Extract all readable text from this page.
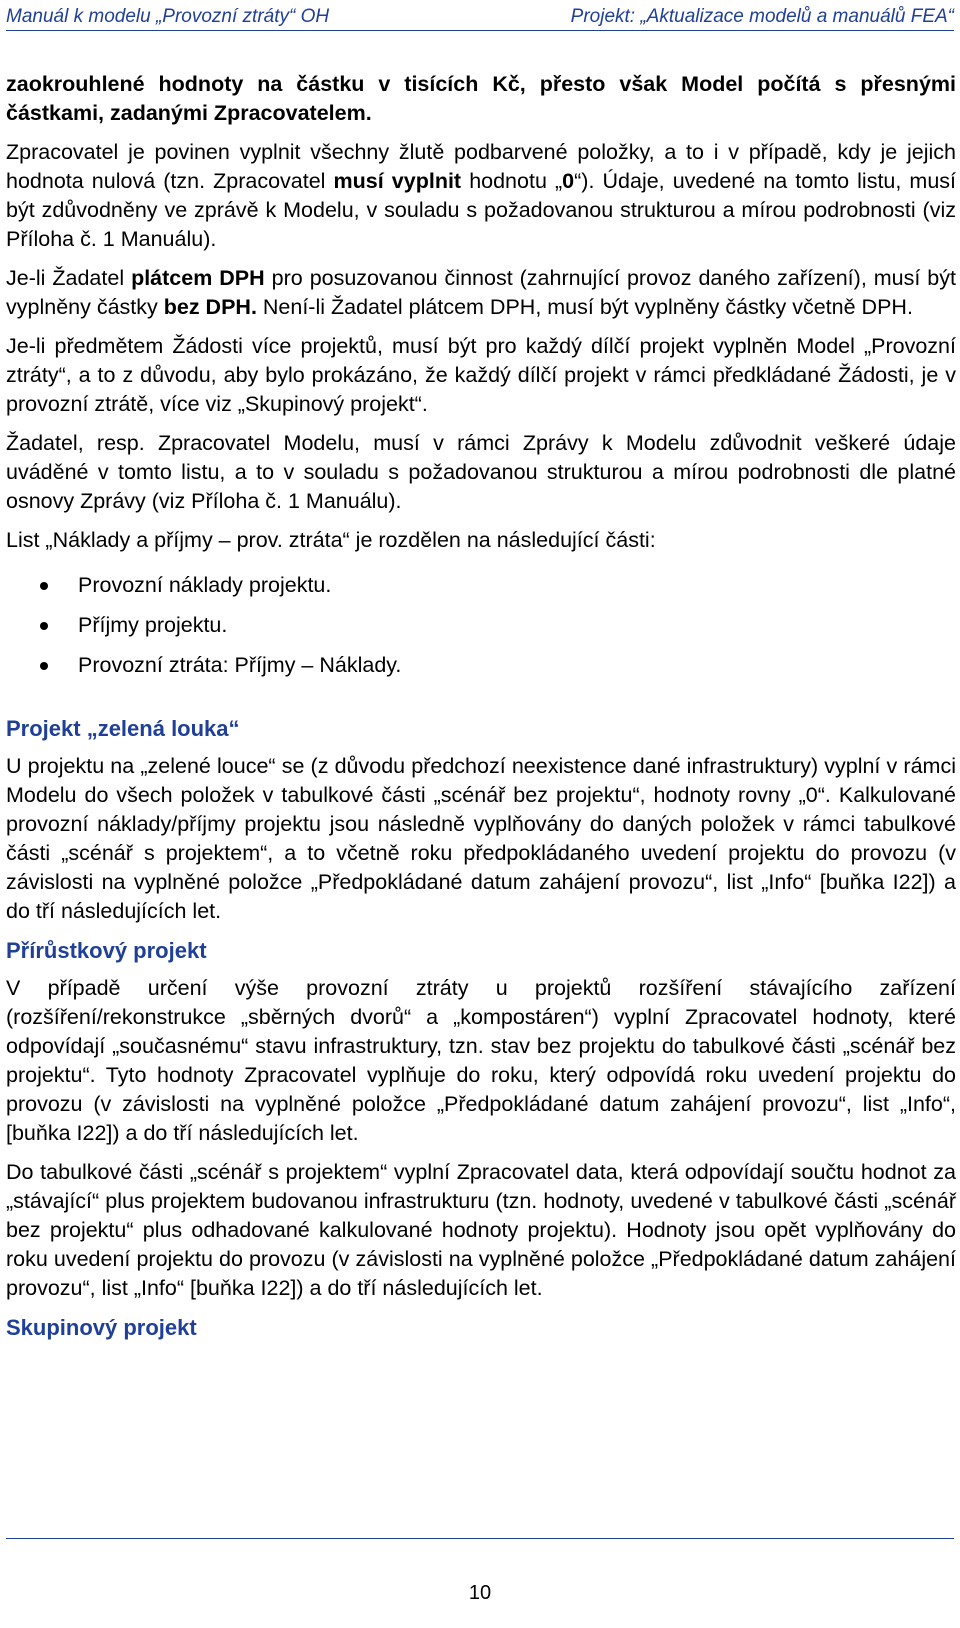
Manuál k modelu „Provozní ztráty“ OH	Projekt: „Aktualizace modelů a manuálů FEA“

zaokrouhlené hodnoty na částku v tisících Kč, přesto však Model počítá s přesnými částkami, zadanými Zpracovatelem.

Zpracovatel je povinen vyplnit všechny žlutě podbarvené položky, a to i v případě, kdy je jejich hodnota nulová (tzn. Zpracovatel musí vyplnit hodnotu „0“). Údaje, uvedené na tomto listu, musí být zdůvodněny ve zprávě k Modelu, v souladu s požadovanou strukturou a mírou podrobnosti (viz Příloha č. 1 Manuálu).

Je-li Žadatel plátcem DPH pro posuzovanou činnost (zahrnující provoz daného zařízení), musí být vyplněny částky bez DPH. Není-li Žadatel plátcem DPH, musí být vyplněny částky včetně DPH.

Je-li předmětem Žádosti více projektů, musí být pro každý dílčí projekt vyplněn Model „Provozní ztráty“, a to z důvodu, aby bylo prokázáno, že každý dílčí projekt v rámci předkládané Žádosti, je v provozní ztrátě, více viz „Skupinový projekt“.

Žadatel, resp. Zpracovatel Modelu, musí v rámci Zprávy k Modelu zdůvodnit veškeré údaje uváděné v tomto listu, a to v souladu s požadovanou strukturou a mírou podrobnosti dle platné osnovy Zprávy (viz Příloha č. 1 Manuálu).

List „Náklady a příjmy – prov. ztráta“ je rozdělen na následující části:

Provozní náklady projektu.
Příjmy projektu.
Provozní ztráta: Příjmy – Náklady.
Projekt „zelená louka“

U projektu na „zelené louce“ se (z důvodu předchozí neexistence dané infrastruktury) vyplní v rámci Modelu do všech položek v tabulkové části „scénář bez projektu“, hodnoty rovny „0“. Kalkulované provozní náklady/příjmy projektu jsou následně vyplňovány do daných položek v rámci tabulkové části „scénář s projektem“, a to včetně roku předpokládaného uvedení projektu do provozu (v závislosti na vyplněné položce „Předpokládané datum zahájení provozu“, list „Info“ [buňka I22]) a do tří následujících let.

Přírůstkový projekt

V případě určení výše provozní ztráty u projektů rozšíření stávajícího zařízení (rozšíření/rekonstrukce „sběrných dvorů“ a „kompostáren“) vyplní Zpracovatel hodnoty, které odpovídají „současnému“ stavu infrastruktury, tzn. stav bez projektu do tabulkové části „scénář bez projektu“. Tyto hodnoty Zpracovatel vyplňuje do roku, který odpovídá roku uvedení projektu do provozu (v závislosti na vyplněné položce „Předpokládané datum zahájení provozu“, list „Info“, [buňka I22]) a do tří následujících let.

Do tabulkové části „scénář s projektem“ vyplní Zpracovatel data, která odpovídají součtu hodnot za „stávající“ plus projektem budovanou infrastrukturu (tzn. hodnoty, uvedené v tabulkové části „scénář bez projektu“ plus odhadované kalkulované hodnoty projektu). Hodnoty jsou opět vyplňovány do roku uvedení projektu do provozu (v závislosti na vyplněné položce „Předpokládané datum zahájení provozu“, list „Info“ [buňka I22]) a do tří následujících let.

Skupinový projekt
10
